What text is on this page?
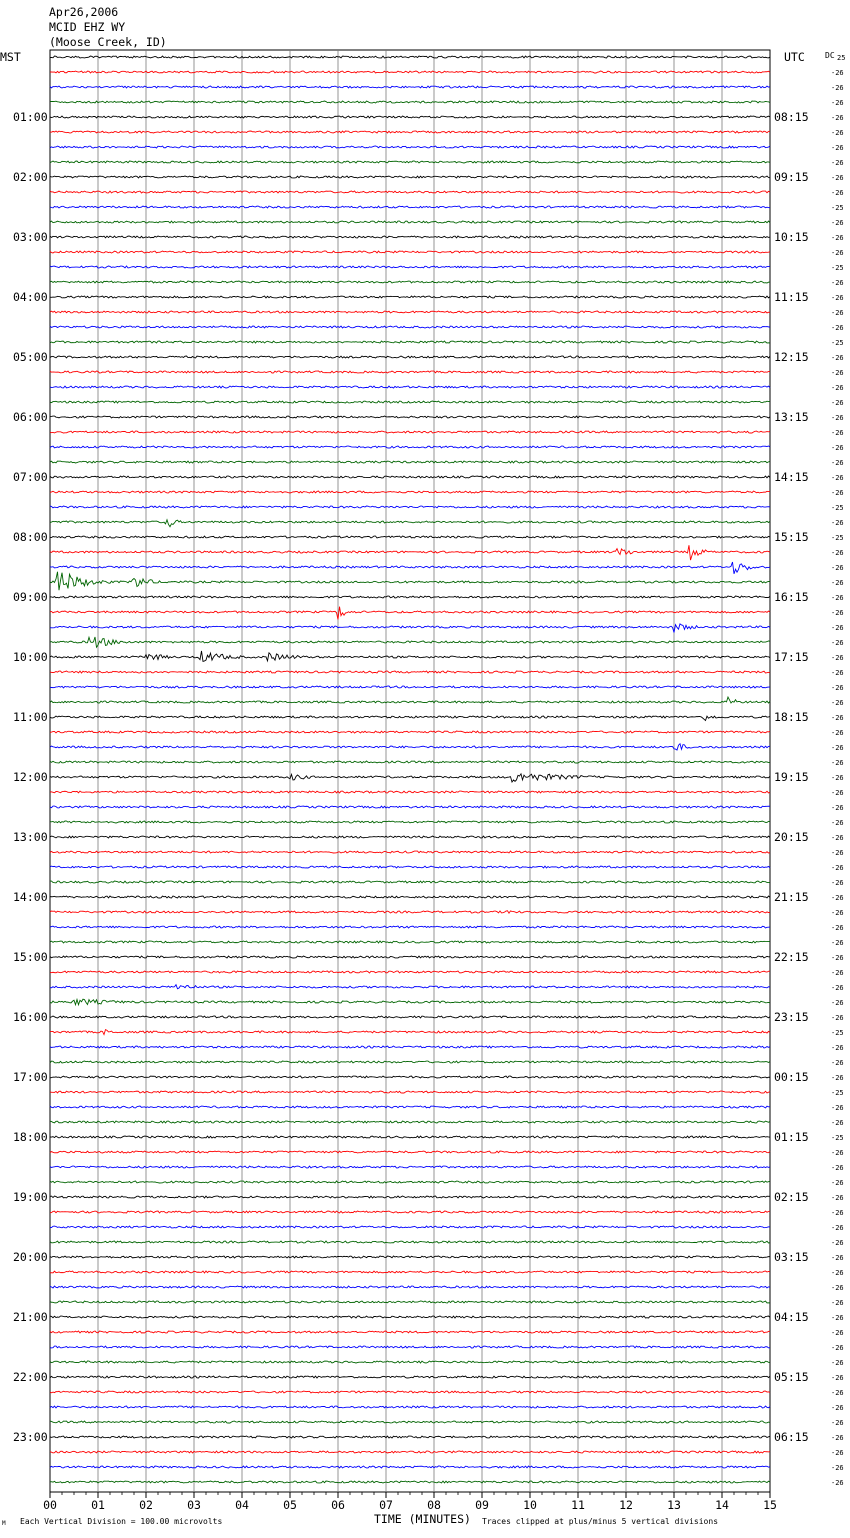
Apr26,2006
MCID EHZ WY
(Moose Creek, ID)
MST	UTC	DC
01:00
02:00
03:00
04:00
05:00
06:00
07:00
08:00
09:00
10:00
11:00
12:00
13:00
14:00
15:00
16:00
17:00
18:00
19:00
20:00
21:00
22:00
23:00
08:15
09:15
10:15
11:15
12:15
13:15
14:15
15:15
16:15
17:15
18:15
19:15
20:15
21:15
22:15
23:15
00:15
01:15
02:15
03:15
04:15
05:15
06:15
25
-26
-26
-26
-26
-26
-26
-26
-26
-26
-25
-26
-26
-26
-25
-26
-26
-26
-26
-25
-26
-26
-26
-26
-26
-26
-26
-26
-26
-26
-25
-26
-25
-26
-26
-26
-26
-26
-26
-26
-26
-26
-26
-26
-26
-26
-26
-26
-26
-26
-26
-26
-26
-26
-26
-26
-26
-26
-26
-26
-26
-26
-26
-26
-26
-25
-26
-26
-26
-25
-26
-26
-25
-26
-26
-26
-26
-26
-26
-26
-26
-26
-26
-26
-26
-26
-26
-26
-26
-26
-26
-26
-26
-26
-26
-26
00	01	02	03	04	05	06	07	08	09	10	11	12	13	14	15
TIME (MINUTES)
Each Vertical Division = 100.00 microvolts	Traces clipped at plus/minus 5 vertical divisions
M
